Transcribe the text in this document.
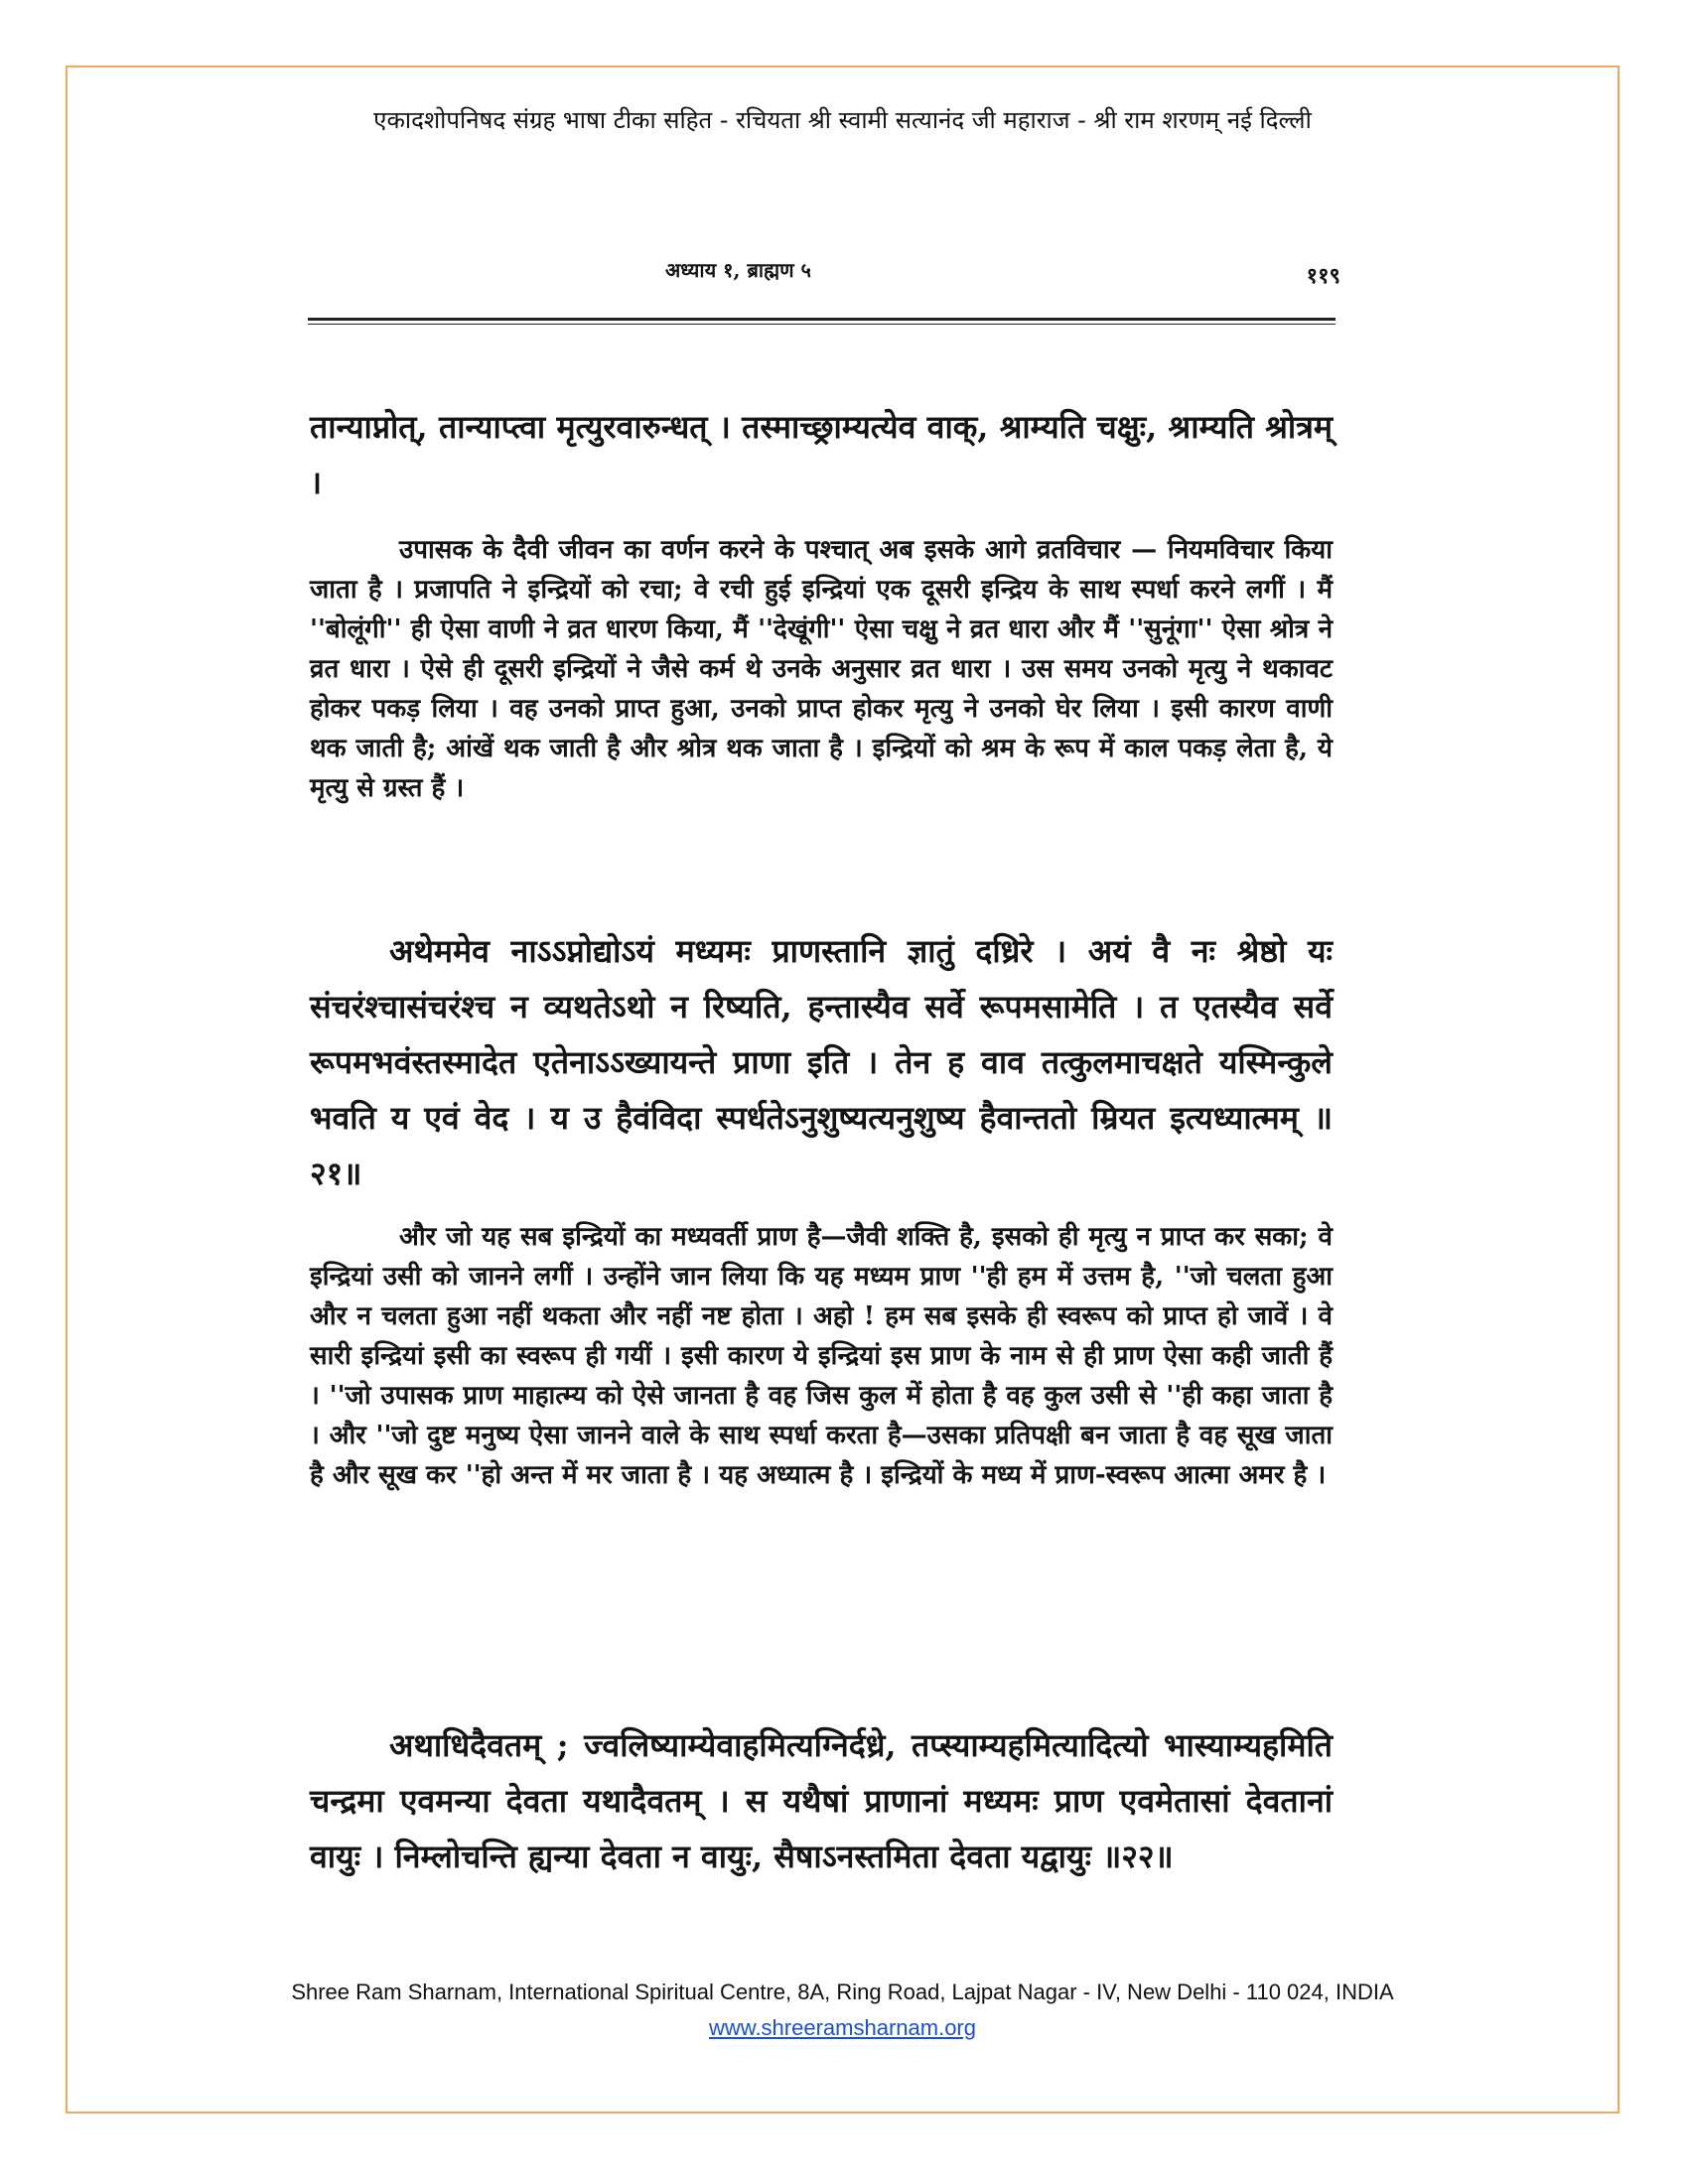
एकादशोपनिषद संग्रह भाषा टीका सहित - रचियता श्री स्वामी सत्यानंद जी महाराज - श्री राम शरणम् नई दिल्ली
अध्याय १, ब्राह्मण ५	११९

तान्याप्नोत्, तान्याप्त्वा मृत्युरवारुन्धत् । तस्माच्छ्राम्यत्येव वाक्, श्राम्यति चक्षुः, श्राम्यति श्रोत्रम् ।

उपासक के दैवी जीवन का वर्णन करने के पश्चात् अब इसके आगे व्रतविचार — नियमविचार किया जाता है । प्रजापति ने इन्द्रियों को रचा; वे रची हुई इन्द्रियां एक दूसरी इन्द्रिय के साथ स्पर्धा करने लगीं । मैं ''बोलूंगी'' ही ऐसा वाणी ने व्रत धारण किया, मैं ''देखूंगी'' ऐसा चक्षु ने व्रत धारा और मैं ''सुनूंगा'' ऐसा श्रोत्र ने व्रत धारा । ऐसे ही दूसरी इन्द्रियों ने जैसे कर्म थे उनके अनुसार व्रत धारा । उस समय उनको मृत्यु ने थकावट होकर पकड़ लिया । वह उनको प्राप्त हुआ, उनको प्राप्त होकर मृत्यु ने उनको घेर लिया । इसी कारण वाणी थक जाती है; आंखें थक जाती है और श्रोत्र थक जाता है । इन्द्रियों को श्रम के रूप में काल पकड़ लेता है, ये मृत्यु से ग्रस्त हैं ।

अथेममेव नाऽऽप्नोद्योऽयं मध्यमः प्राणस्तानि ज्ञातुं दध्रिरे । अयं वै नः श्रेष्ठो यः संचरंश्चासंचरंश्च न व्यथतेऽथो न रिष्यति, हन्तास्यैव सर्वे रूपमसामेति । त एतस्यैव सर्वे रूपमभवंस्तस्मादेत एतेनाऽऽख्यायन्ते प्राणा इति । तेन ह वाव तत्कुलमाचक्षते यस्मिन्कुले भवति य एवं वेद । य उ हैवंविदा स्पर्धतेऽनुशुष्यत्यनुशुष्य हैवान्ततो म्रियत इत्यध्यात्मम् ॥२१॥

और जो यह सब इन्द्रियों का मध्यवर्ती प्राण है—जैवी शक्ति है, इसको ही मृत्यु न प्राप्त कर सका; वे इन्द्रियां उसी को जानने लगीं । उन्होंने जान लिया कि यह मध्यम प्राण ''ही हम में उत्तम है, ''जो चलता हुआ और न चलता हुआ नहीं थकता और नहीं नष्ट होता । अहो ! हम सब इसके ही स्वरूप को प्राप्त हो जावें । वे सारी इन्द्रियां इसी का स्वरूप ही गयीं । इसी कारण ये इन्द्रियां इस प्राण के नाम से ही प्राण ऐसा कही जाती हैं । ''जो उपासक प्राण माहात्म्य को ऐसे जानता है वह जिस कुल में होता है वह कुल उसी से ''ही कहा जाता है । और ''जो दुष्ट मनुष्य ऐसा जानने वाले के साथ स्पर्धा करता है—उसका प्रतिपक्षी बन जाता है वह सूख जाता है और सूख कर ''हो अन्त में मर जाता है । यह अध्यात्म है । इन्द्रियों के मध्य में प्राण-स्वरूप आत्मा अमर है ।

अथाधिदैवतम् ; ज्वलिष्याम्येवाहमित्यग्निर्दध्रे, तप्स्याम्यहमित्यादित्यो भास्याम्यहमिति चन्द्रमा एवमन्या देवता यथादैवतम् । स यथैषां प्राणानां मध्यमः प्राण एवमेतासां देवतानां वायुः । निम्लोचन्ति ह्यन्या देवता न वायुः, सैषाऽनस्तमिता देवता यद्वायुः ॥२२॥

Shree Ram Sharnam, International Spiritual Centre, 8A, Ring Road, Lajpat Nagar - IV, New Delhi - 110 024, INDIA
www.shreeramsharnam.org
